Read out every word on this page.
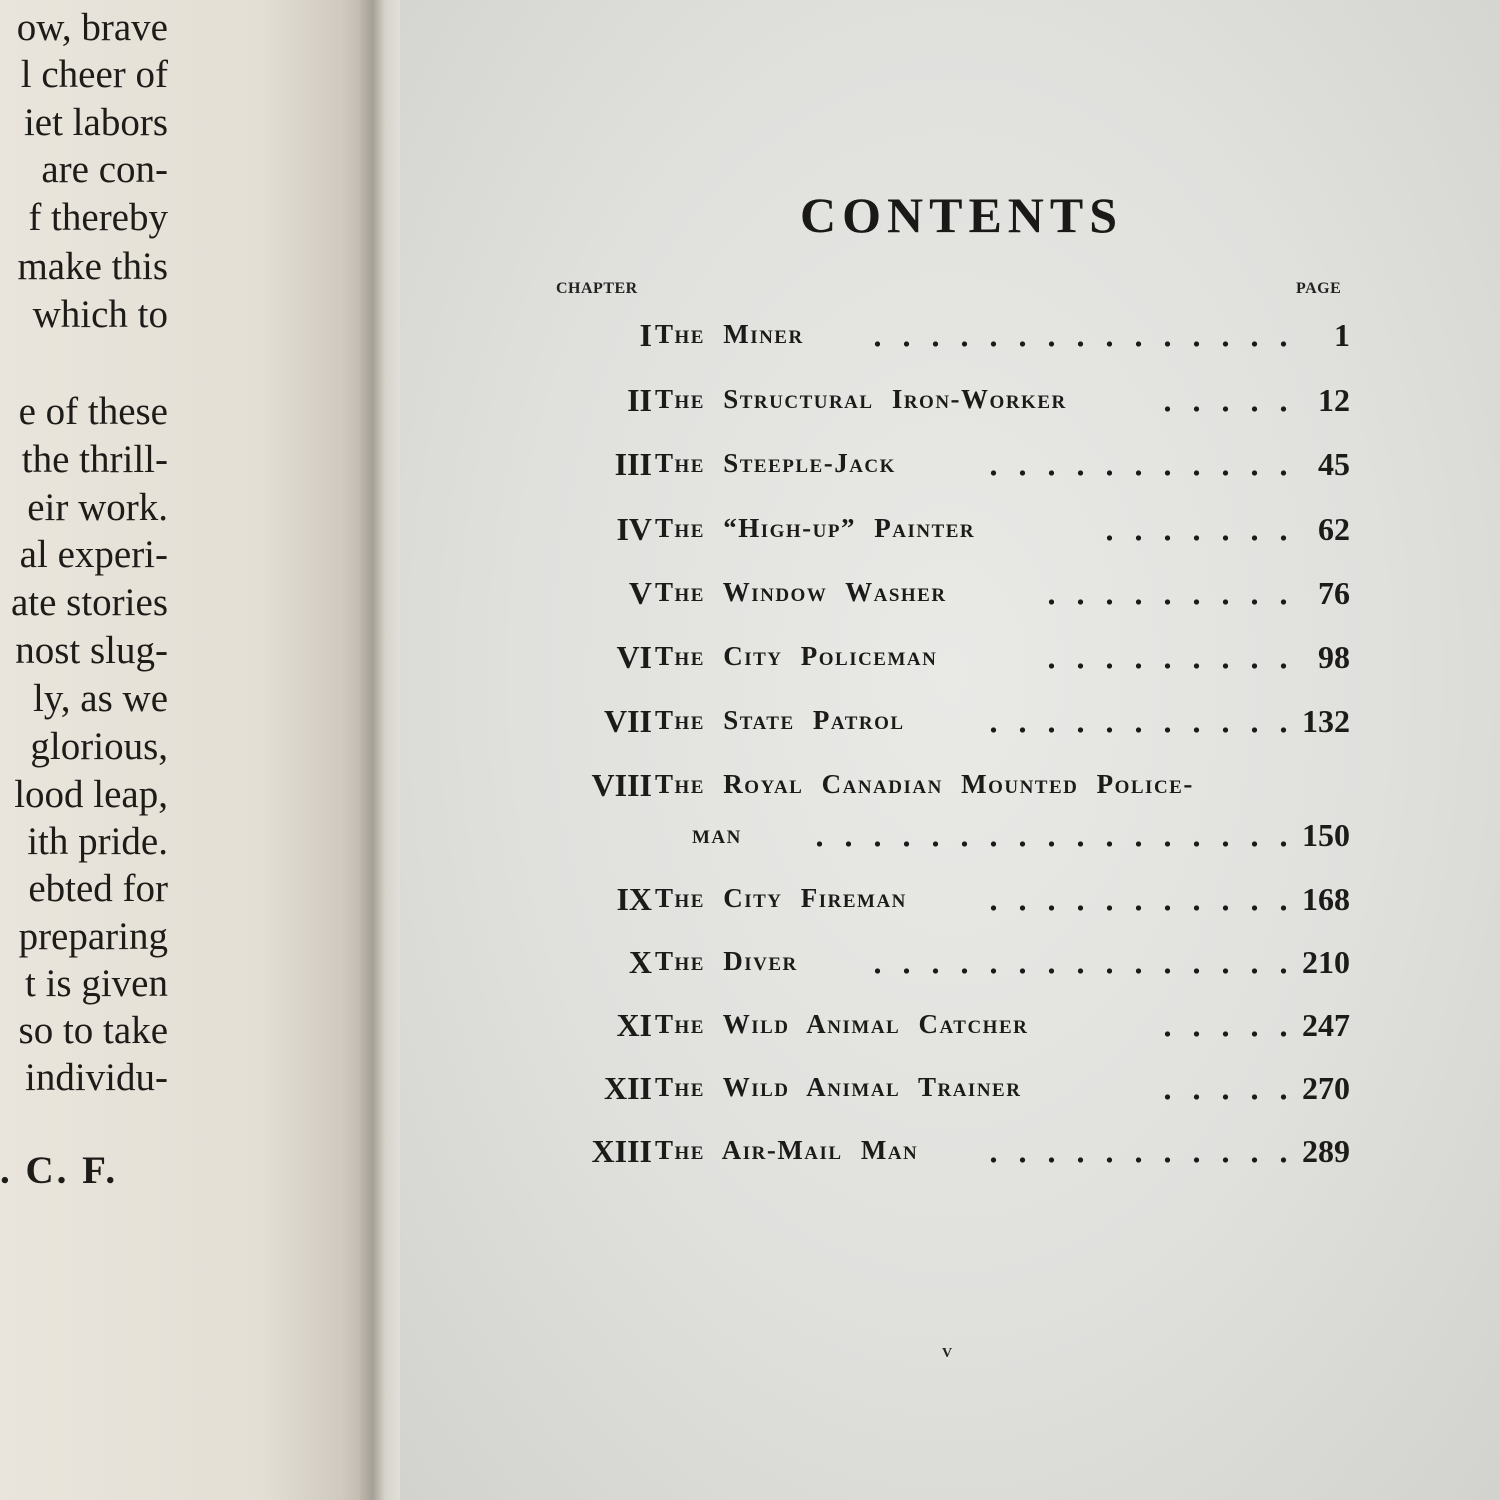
ow, brave
l cheer of
iet labors
are con-
f thereby
make this
which to
e of these
the thrill-
eir work.
al experi-
ate stories
nost slug-
ly, as we
glorious,
lood leap,
ith pride.
ebted for
preparing
t is given
so to take
individu-
. C. F.
CONTENTS
CHAPTER	PAGE
I The Miner	1
II The Structural Iron-Worker	12
III The Steeple-Jack	45
IV The “High-up” Painter	62
V The Window Washer	76
VI The City Policeman	98
VII The State Patrol	132
VIII The Royal Canadian Mounted Police-
man	150
IX The City Fireman	168
X The Diver	210
XI The Wild Animal Catcher	247
XII The Wild Animal Trainer	270
XIII The Air-Mail Man	289
v
